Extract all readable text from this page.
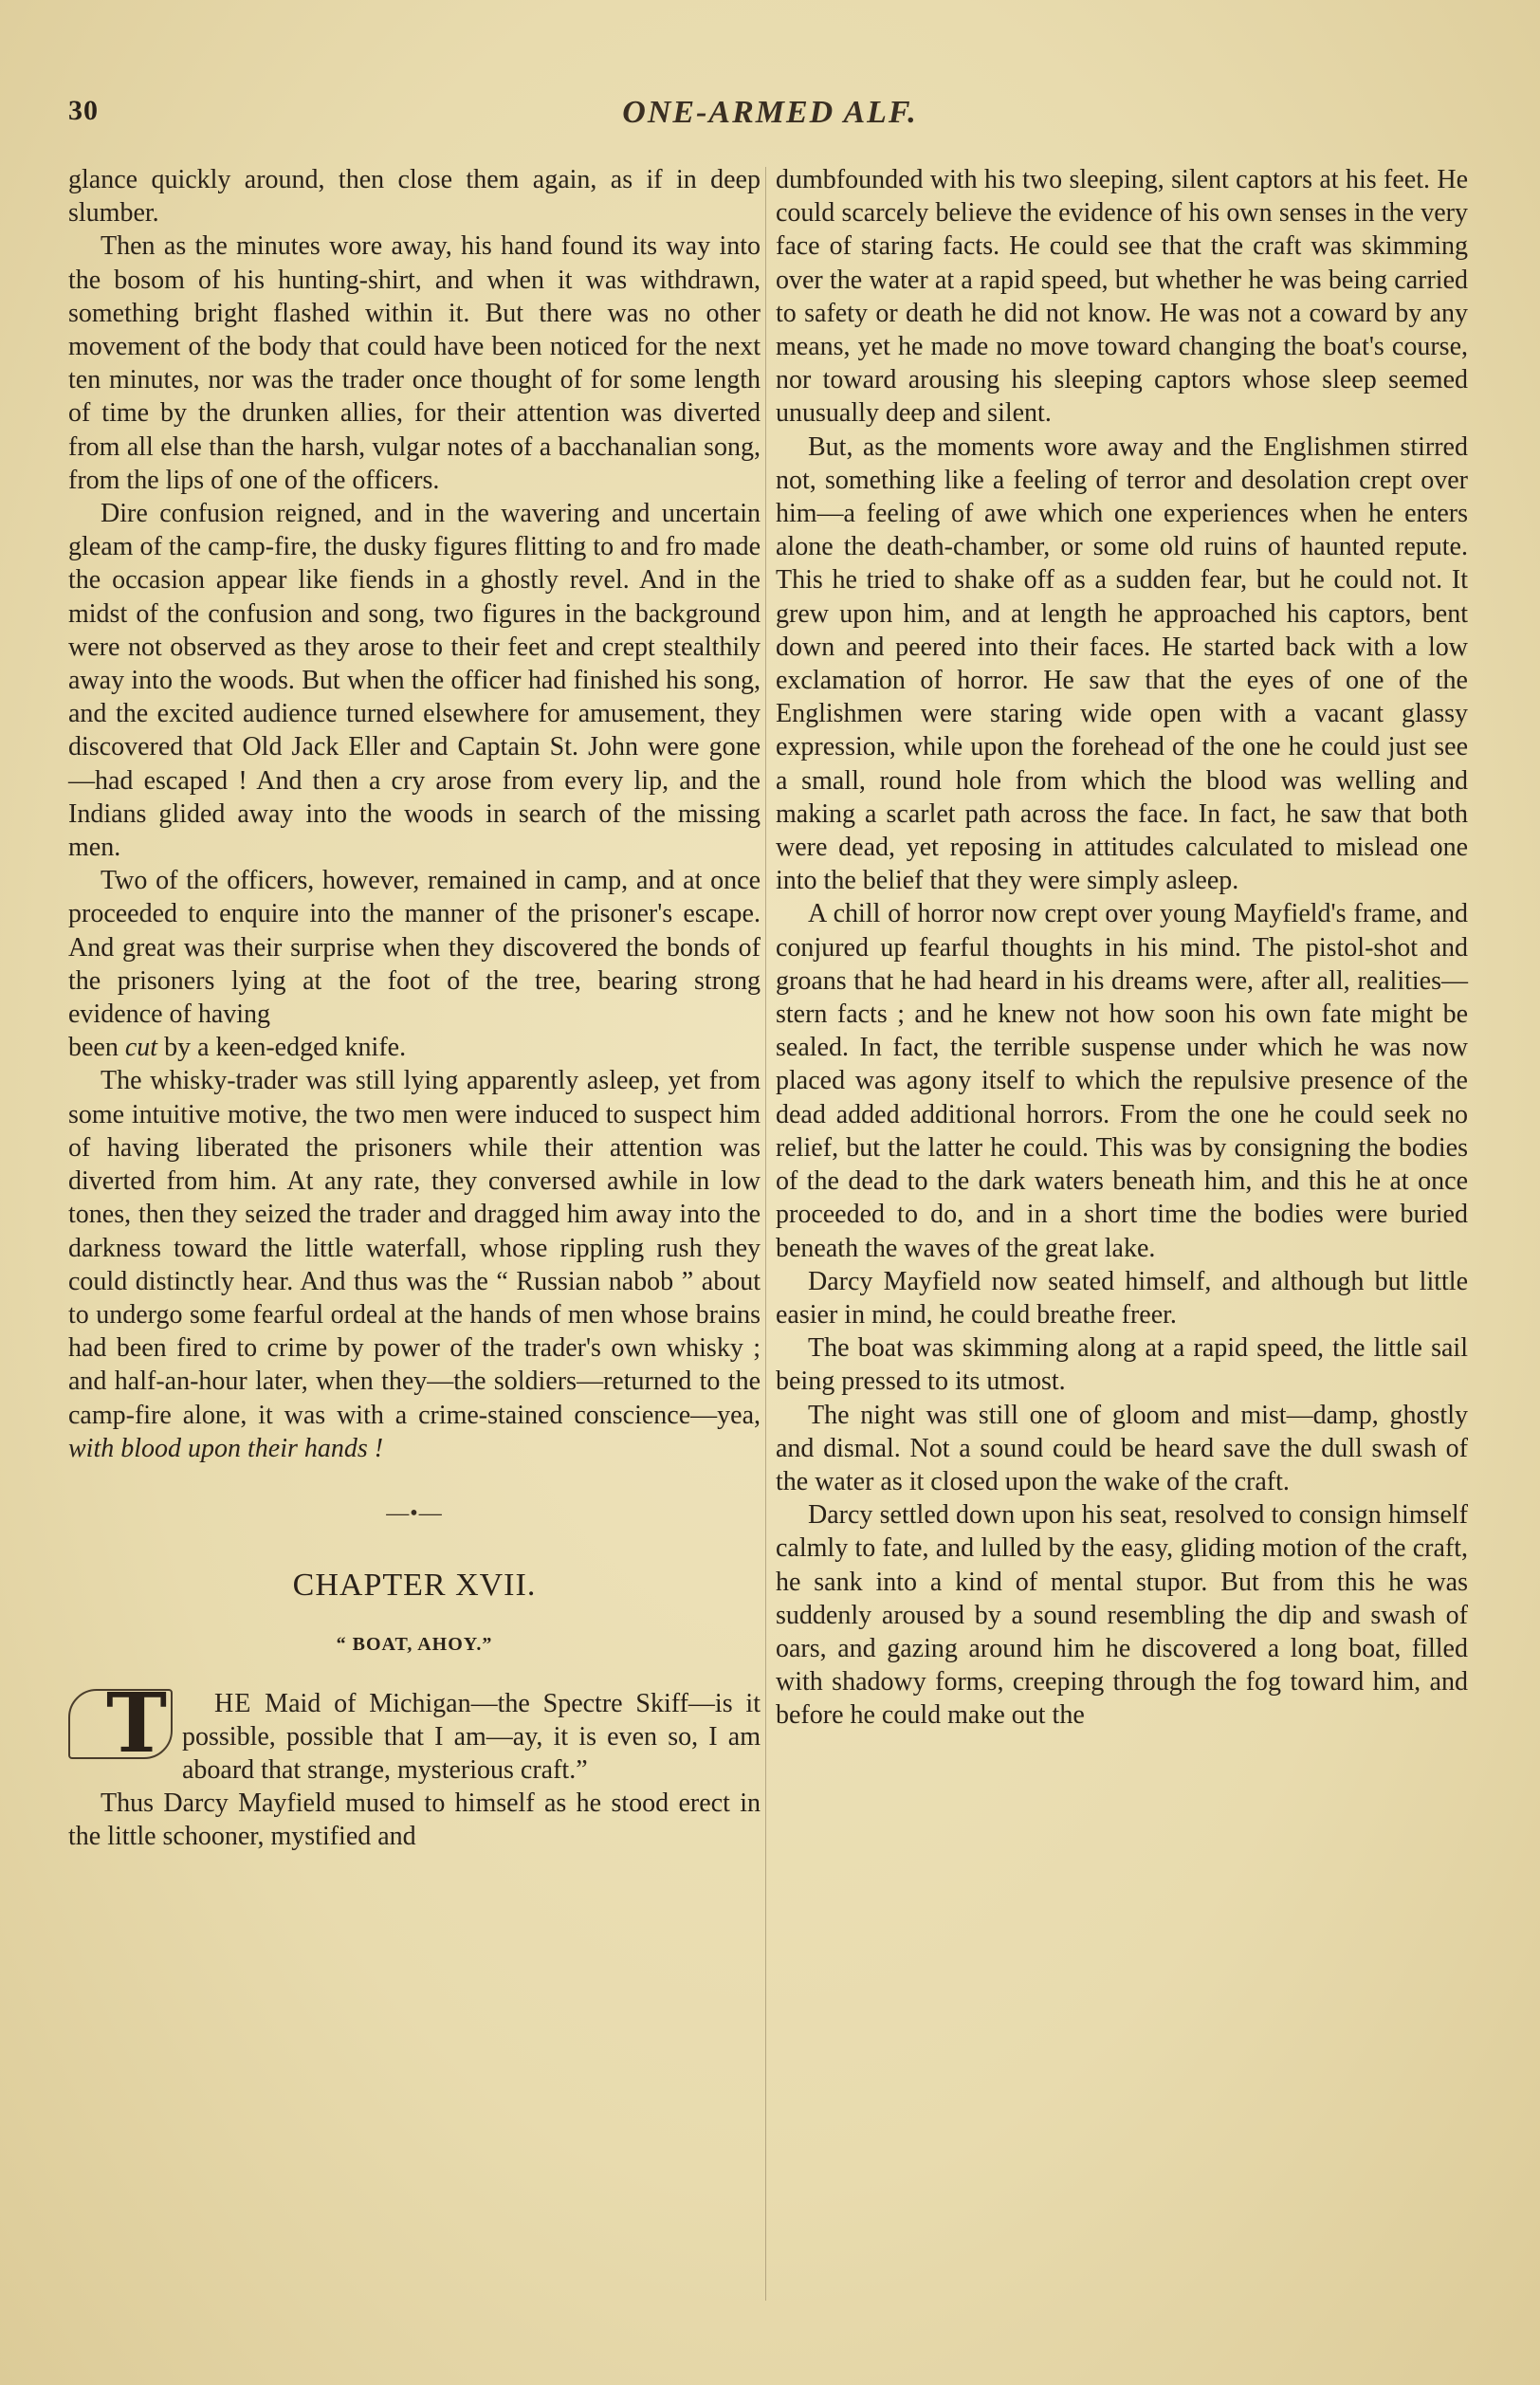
30	ONE-ARMED ALF.

glance quickly around, then close them again, as if in deep slumber.

Then as the minutes wore away, his hand found its way into the bosom of his hunting-shirt, and when it was withdrawn, something bright flashed within it. But there was no other movement of the body that could have been noticed for the next ten minutes, nor was the trader once thought of for some length of time by the drunken allies, for their attention was diverted from all else than the harsh, vulgar notes of a bacchanalian song, from the lips of one of the officers.

Dire confusion reigned, and in the wavering and uncertain gleam of the camp-fire, the dusky figures flitting to and fro made the occasion appear like fiends in a ghostly revel. And in the midst of the confusion and song, two figures in the background were not observed as they arose to their feet and crept stealthily away into the woods. But when the officer had finished his song, and the excited audience turned elsewhere for amusement, they discovered that Old Jack Eller and Captain St. John were gone —had escaped ! And then a cry arose from every lip, and the Indians glided away into the woods in search of the missing men.

Two of the officers, however, remained in camp, and at once proceeded to enquire into the manner of the prisoner's escape. And great was their surprise when they discovered the bonds of the prisoners lying at the foot of the tree, bearing strong evidence of having

been cut by a keen-edged knife.

The whisky-trader was still lying apparently asleep, yet from some intuitive motive, the two men were induced to suspect him of having liberated the prisoners while their attention was diverted from him. At any rate, they conversed awhile in low tones, then they seized the trader and dragged him away into the darkness toward the little waterfall, whose rippling rush they could distinctly hear. And thus was the “ Russian nabob ” about to undergo some fearful ordeal at the hands of men whose brains had been fired to crime by power of the trader's own whisky ; and half-an-hour later, when they—the soldiers—returned to the camp-fire alone, it was with a crime-stained conscience—yea, with blood upon their hands !

—•—
CHAPTER XVII.
“ BOAT, AHOY.”

T HE Maid of Michigan—the Spectre Skiff—is it possible, possible that I am—ay, it is even so, I am aboard that strange, mysterious craft.”

Thus Darcy Mayfield mused to himself as he stood erect in the little schooner, mystified and

dumbfounded with his two sleeping, silent captors at his feet. He could scarcely believe the evidence of his own senses in the very face of staring facts. He could see that the craft was skimming over the water at a rapid speed, but whether he was being carried to safety or death he did not know. He was not a coward by any means, yet he made no move toward changing the boat's course, nor toward arousing his sleeping captors whose sleep seemed unusually deep and silent.

But, as the moments wore away and the Englishmen stirred not, something like a feeling of terror and desolation crept over him—a feeling of awe which one experiences when he enters alone the death-chamber, or some old ruins of haunted repute. This he tried to shake off as a sudden fear, but he could not. It grew upon him, and at length he approached his captors, bent down and peered into their faces. He started back with a low exclamation of horror. He saw that the eyes of one of the Englishmen were staring wide open with a vacant glassy expression, while upon the forehead of the one he could just see a small, round hole from which the blood was welling and making a scarlet path across the face. In fact, he saw that both were dead, yet reposing in attitudes calculated to mislead one into the belief that they were simply asleep.

A chill of horror now crept over young Mayfield's frame, and conjured up fearful thoughts in his mind. The pistol-shot and groans that he had heard in his dreams were, after all, realities—stern facts ; and he knew not how soon his own fate might be sealed. In fact, the terrible suspense under which he was now placed was agony itself to which the repulsive presence of the dead added additional horrors. From the one he could seek no relief, but the latter he could. This was by consigning the bodies of the dead to the dark waters beneath him, and this he at once proceeded to do, and in a short time the bodies were buried beneath the waves of the great lake.

Darcy Mayfield now seated himself, and although but little easier in mind, he could breathe freer.

The boat was skimming along at a rapid speed, the little sail being pressed to its utmost.

The night was still one of gloom and mist—damp, ghostly and dismal. Not a sound could be heard save the dull swash of the water as it closed upon the wake of the craft.

Darcy settled down upon his seat, resolved to consign himself calmly to fate, and lulled by the easy, gliding motion of the craft, he sank into a kind of mental stupor. But from this he was suddenly aroused by a sound resembling the dip and swash of oars, and gazing around him he discovered a long boat, filled with shadowy forms, creeping through the fog toward him, and before he could make out the
